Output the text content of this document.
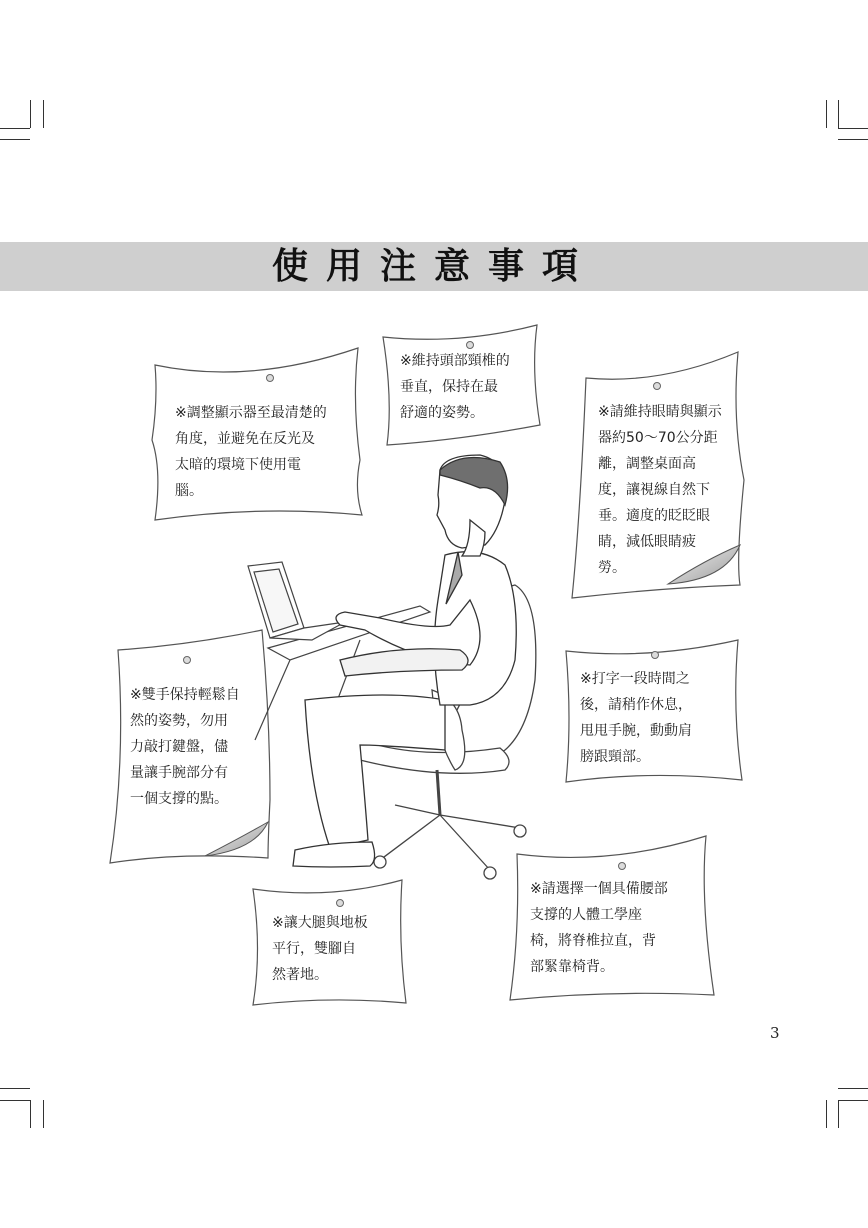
使用注意事項
※調整顯示器至最清楚的
角度，並避免在反光及
太暗的環境下使用電
腦。
※維持頭部頸椎的
垂直，保持在最
舒適的姿勢。	※請維持眼睛與顯示
器約50～70公分距
離，調整桌面高
度，讓視線自然下
垂。適度的眨眨眼
睛，減低眼睛疲
勞。
※雙手保持輕鬆自
然的姿勢，勿用
力敲打鍵盤，儘
量讓手腕部分有
一個支撐的點。
※打字一段時間之
後，請稍作休息，
甩甩手腕，動動肩
膀跟頸部。
※讓大腿與地板
平行，雙腳自
然著地。
※請選擇一個具備腰部
支撐的人體工學座
椅，將脊椎拉直，背
部緊靠椅背。
3
